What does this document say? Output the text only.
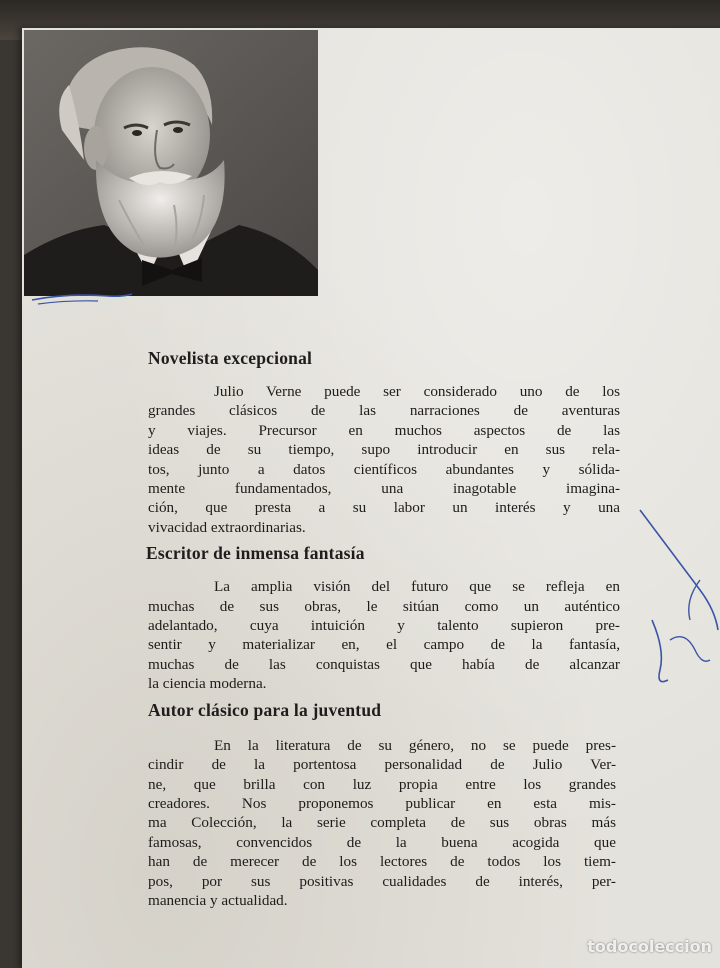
Novelista excepcional

Julio Verne puede ser considerado uno de los
grandes clásicos de las narraciones de aventuras
y viajes. Precursor en muchos aspectos de las
ideas de su tiempo, supo introducir en sus rela-
tos, junto a datos científicos abundantes y sólida-
mente fundamentados, una inagotable imagina-
ción, que presta a su labor un interés y una
vivacidad extraordinarias.

Escritor de inmensa fantasía

La amplia visión del futuro que se refleja en
muchas de sus obras, le sitúan como un auténtico
adelantado, cuya intuición y talento supieron pre-
sentir y materializar en, el campo de la fantasía,
muchas de las conquistas que había de alcanzar
la ciencia moderna.

Autor clásico para la juventud

En la literatura de su género, no se puede pres-
cindir de la portentosa personalidad de Julio Ver-
ne, que brilla con luz propia entre los grandes
creadores. Nos proponemos publicar en esta mis-
ma Colección, la serie completa de sus obras más
famosas, convencidos de la buena acogida que
han de merecer de los lectores de todos los tiem-
pos, por sus positivas cualidades de interés, per-
manencia y actualidad.

todocoleccion
